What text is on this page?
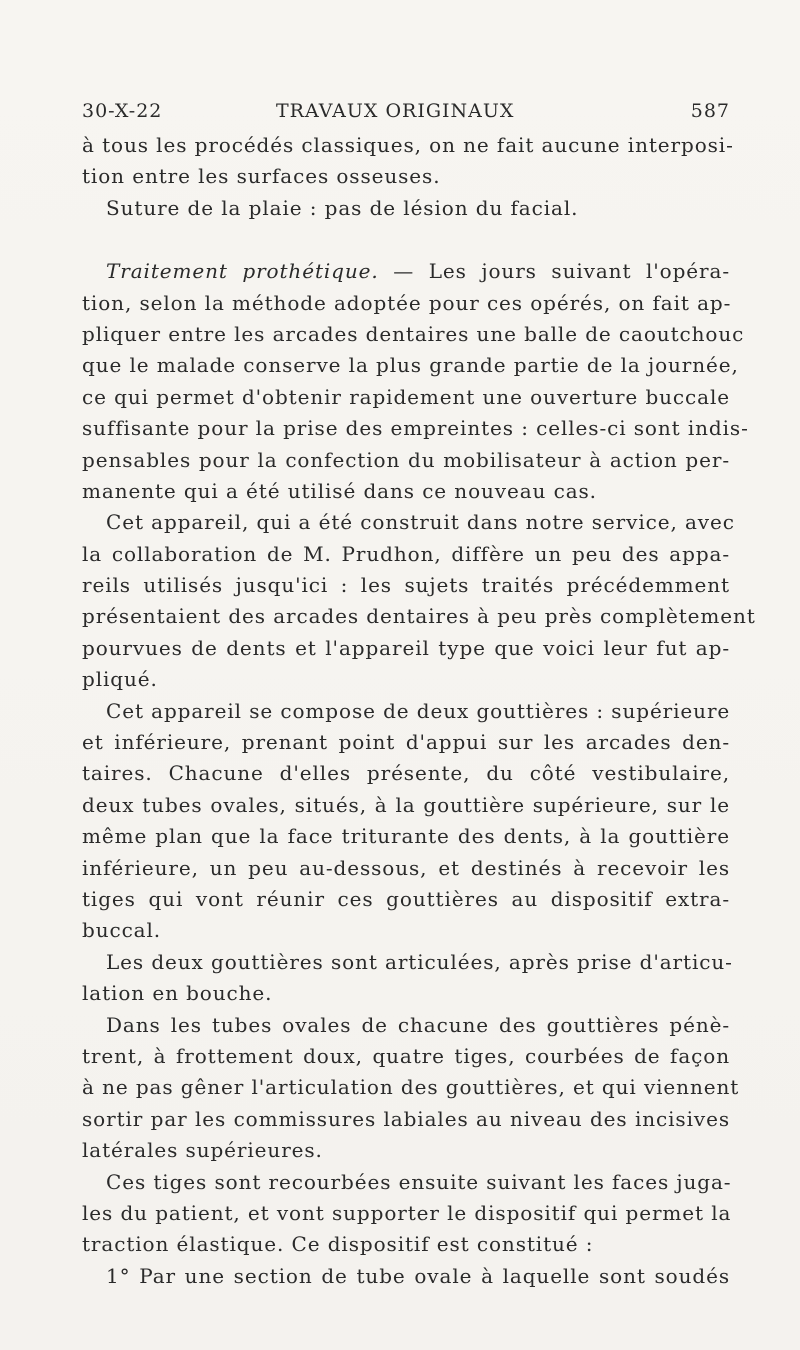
30-X-22	TRAVAUX ORIGINAUX	587
à tous les procédés classiques, on ne fait aucune interposi-
tion entre les surfaces osseuses.
Suture de la plaie : pas de lésion du facial.
Traitement prothétique. — Les jours suivant l'opéra-
tion, selon la méthode adoptée pour ces opérés, on fait ap-
pliquer entre les arcades dentaires une balle de caoutchouc
que le malade conserve la plus grande partie de la journée,
ce qui permet d'obtenir rapidement une ouverture buccale
suffisante pour la prise des empreintes : celles-ci sont indis-
pensables pour la confection du mobilisateur à action per-
manente qui a été utilisé dans ce nouveau cas.
Cet appareil, qui a été construit dans notre service, avec
la collaboration de M. Prudhon, diffère un peu des appa-
reils utilisés jusqu'ici : les sujets traités précédemment
présentaient des arcades dentaires à peu près complètement
pourvues de dents et l'appareil type que voici leur fut ap-
pliqué.
Cet appareil se compose de deux gouttières : supérieure
et inférieure, prenant point d'appui sur les arcades den-
taires. Chacune d'elles présente, du côté vestibulaire,
deux tubes ovales, situés, à la gouttière supérieure, sur le
même plan que la face triturante des dents, à la gouttière
inférieure, un peu au-dessous, et destinés à recevoir les
tiges qui vont réunir ces gouttières au dispositif extra-
buccal.
Les deux gouttières sont articulées, après prise d'articu-
lation en bouche.
Dans les tubes ovales de chacune des gouttières pénè-
trent, à frottement doux, quatre tiges, courbées de façon
à ne pas gêner l'articulation des gouttières, et qui viennent
sortir par les commissures labiales au niveau des incisives
latérales supérieures.
Ces tiges sont recourbées ensuite suivant les faces juga-
les du patient, et vont supporter le dispositif qui permet la
traction élastique. Ce dispositif est constitué :
1° Par une section de tube ovale à laquelle sont soudés
